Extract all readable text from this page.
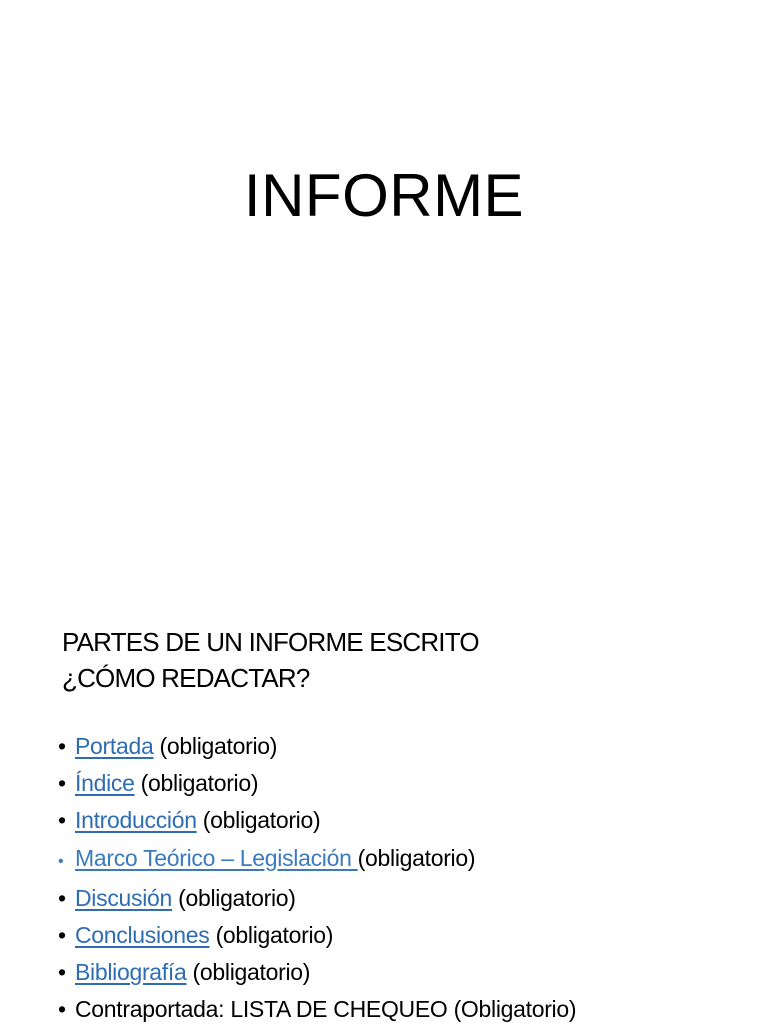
INFORME
PARTES DE UN INFORME ESCRITO
¿CÓMO REDACTAR?
• Portada (obligatorio)
• Índice (obligatorio)
• Introducción (obligatorio)
• Marco Teórico – Legislación (obligatorio)
• Discusión (obligatorio)
• Conclusiones (obligatorio)
• Bibliografía (obligatorio)
• Contraportada: LISTA DE CHEQUEO (Obligatorio)
